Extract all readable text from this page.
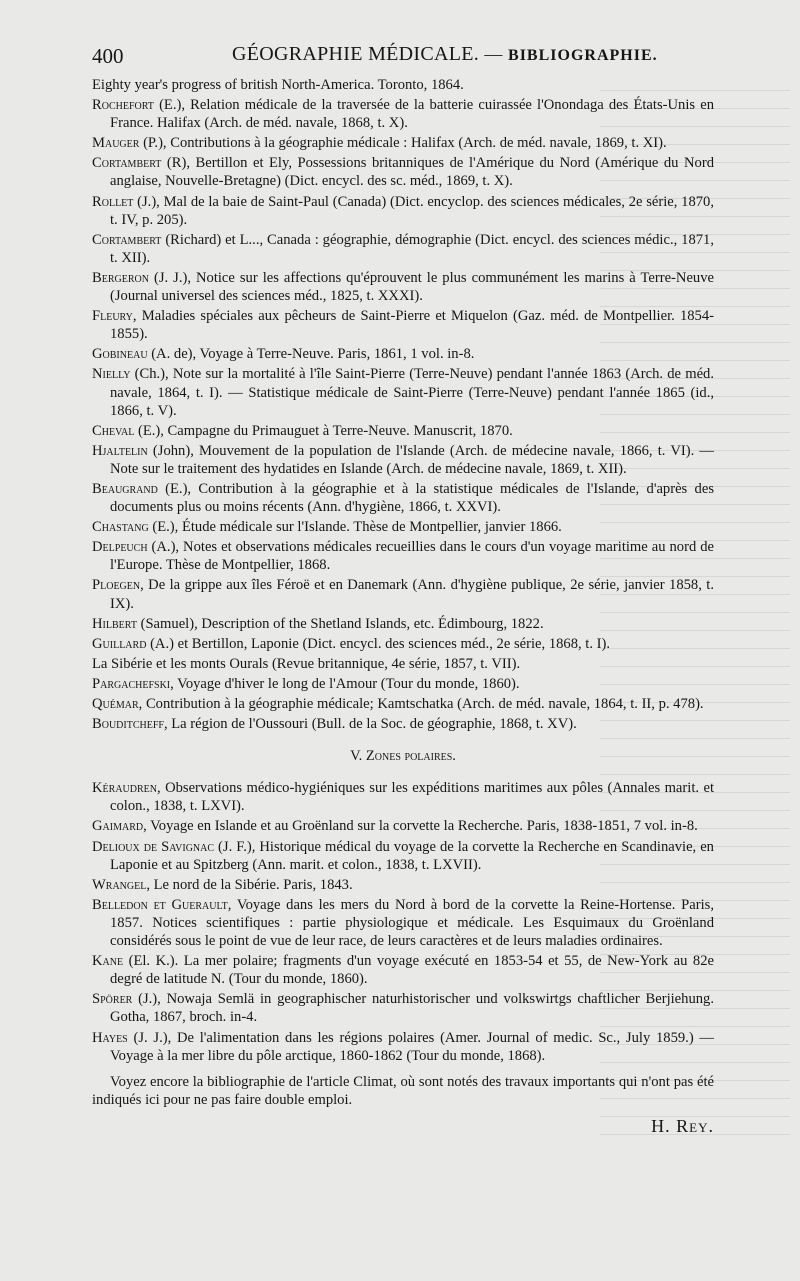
400	GÉOGRAPHIE MÉDICALE. — BIBLIOGRAPHIE.
Eighty year's progress of british North-America. Toronto, 1864.
Rochefort (E.), Relation médicale de la traversée de la batterie cuirassée l'Onondaga des États-Unis en France. Halifax (Arch. de méd. navale, 1868, t. X).
Mauger (P.), Contributions à la géographie médicale : Halifax (Arch. de méd. navale, 1869, t. XI).
Cortambert (R), Bertillon et Ely, Possessions britanniques de l'Amérique du Nord (Amérique du Nord anglaise, Nouvelle-Bretagne) (Dict. encycl. des sc. méd., 1869, t. X).
Rollet (J.), Mal de la baie de Saint-Paul (Canada) (Dict. encyclop. des sciences médicales, 2e série, 1870, t. IV, p. 205).
Cortambert (Richard) et L..., Canada : géographie, démographie (Dict. encycl. des sciences médic., 1871, t. XII).
Bergeron (J. J.), Notice sur les affections qu'éprouvent le plus communément les marins à Terre-Neuve (Journal universel des sciences méd., 1825, t. XXXI).
Fleury, Maladies spéciales aux pêcheurs de Saint-Pierre et Miquelon (Gaz. méd. de Montpellier. 1854-1855).
Gobineau (A. de), Voyage à Terre-Neuve. Paris, 1861, 1 vol. in-8.
Nielly (Ch.), Note sur la mortalité à l'île Saint-Pierre (Terre-Neuve) pendant l'année 1863 (Arch. de méd. navale, 1864, t. I). — Statistique médicale de Saint-Pierre (Terre-Neuve) pendant l'année 1865 (id., 1866, t. V).
Cheval (E.), Campagne du Primauguet à Terre-Neuve. Manuscrit, 1870.
Hjaltelin (John), Mouvement de la population de l'Islande (Arch. de médecine navale, 1866, t. VI). — Note sur le traitement des hydatides en Islande (Arch. de médecine navale, 1869, t. XII).
Beaugrand (E.), Contribution à la géographie et à la statistique médicales de l'Islande, d'après des documents plus ou moins récents (Ann. d'hygiène, 1866, t. XXVI).
Chastang (E.), Étude médicale sur l'Islande. Thèse de Montpellier, janvier 1866.
Delpeuch (A.), Notes et observations médicales recueillies dans le cours d'un voyage maritime au nord de l'Europe. Thèse de Montpellier, 1868.
Ploegen, De la grippe aux îles Féroë et en Danemark (Ann. d'hygiène publique, 2e série, janvier 1858, t. IX).
Hilbert (Samuel), Description of the Shetland Islands, etc. Édimbourg, 1822.
Guillard (A.) et Bertillon, Laponie (Dict. encycl. des sciences méd., 2e série, 1868, t. I).
La Sibérie et les monts Ourals (Revue britannique, 4e série, 1857, t. VII).
Pargachefski, Voyage d'hiver le long de l'Amour (Tour du monde, 1860).
Quémar, Contribution à la géographie médicale; Kamtschatka (Arch. de méd. navale, 1864, t. II, p. 478).
Bouditcheff, La région de l'Oussouri (Bull. de la Soc. de géographie, 1868, t. XV).
V. Zones polaires.
Kéraudren, Observations médico-hygiéniques sur les expéditions maritimes aux pôles (Annales marit. et colon., 1838, t. LXVI).
Gaimard, Voyage en Islande et au Groënland sur la corvette la Recherche. Paris, 1838-1851, 7 vol. in-8.
Delioux de Savignac (J. F.), Historique médical du voyage de la corvette la Recherche en Scandinavie, en Laponie et au Spitzberg (Ann. marit. et colon., 1838, t. LXVII).
Wrangel, Le nord de la Sibérie. Paris, 1843.
Belledon et Guerault, Voyage dans les mers du Nord à bord de la corvette la Reine-Hortense. Paris, 1857. Notices scientifiques : partie physiologique et médicale. Les Esquimaux du Groënland considérés sous le point de vue de leur race, de leurs caractères et de leurs maladies ordinaires.
Kane (El. K.). La mer polaire; fragments d'un voyage exécuté en 1853-54 et 55, de New-York au 82e degré de latitude N. (Tour du monde, 1860).
Spörer (J.), Nowaja Semlä in geographischer naturhistorischer und volkswirtgs chaftlicher Berjiehung. Gotha, 1867, broch. in-4.
Hayes (J. J.), De l'alimentation dans les régions polaires (Amer. Journal of medic. Sc., July 1859.) — Voyage à la mer libre du pôle arctique, 1860-1862 (Tour du monde, 1868).
Voyez encore la bibliographie de l'article Climat, où sont notés des travaux importants qui n'ont pas été indiqués ici pour ne pas faire double emploi.
H. Rey.
